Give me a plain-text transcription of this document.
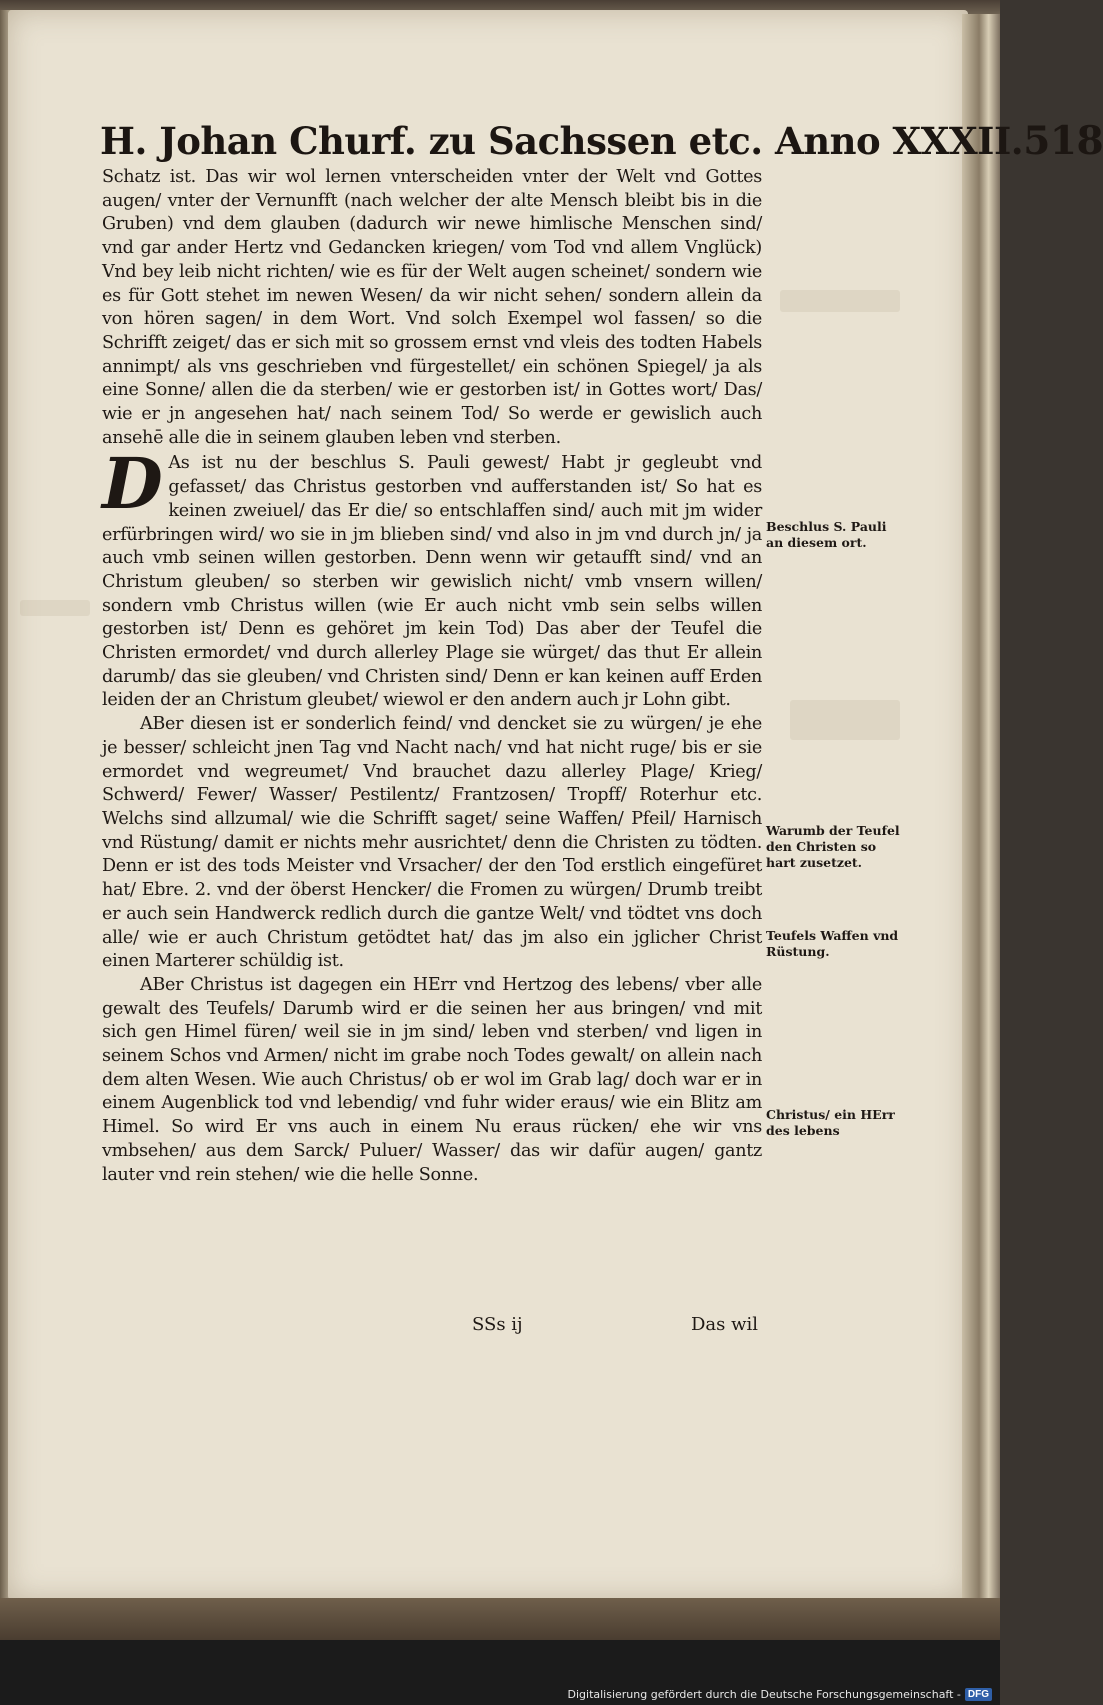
H. Johan Churf. zu Sachssen etc. Anno XXXII. 518

Schatz ist. Das wir wol lernen vnterscheiden vnter der Welt vnd Gottes augen/ vnter der Vernunfft (nach welcher der alte Mensch bleibt bis in die Gruben) vnd dem glauben (dadurch wir newe himlische Menschen sind/ vnd gar ander Hertz vnd Gedancken kriegen/ vom Tod vnd allem Vnglück) Vnd bey leib nicht richten/ wie es für der Welt augen scheinet/ sondern wie es für Gott stehet im newen Wesen/ da wir nicht sehen/ sondern allein da von hören sagen/ in dem Wort. Vnd solch Exempel wol fassen/ so die Schrifft zeiget/ das er sich mit so grossem ernst vnd vleis des todten Habels annimpt/ als vns geschrieben vnd fürgestellet/ ein schönen Spiegel/ ja als eine Sonne/ allen die da sterben/ wie er gestorben ist/ in Gottes wort/ Das/ wie er jn angesehen hat/ nach seinem Tod/ So werde er gewislich auch ansehē alle die in seinem glauben leben vnd sterben.

D As ist nu der beschlus S. Pauli gewest/ Habt jr gegleubt vnd gefasset/ das Christus gestorben vnd aufferstanden ist/ So hat es keinen zweiuel/ das Er die/ so entschlaffen sind/ auch mit jm wider erfürbringen wird/ wo sie in jm blieben sind/ vnd also in jm vnd durch jn/ ja auch vmb seinen willen gestorben. Denn wenn wir getaufft sind/ vnd an Christum gleuben/ so sterben wir gewislich nicht/ vmb vnsern willen/ sondern vmb Christus willen (wie Er auch nicht vmb sein selbs willen gestorben ist/ Denn es gehöret jm kein Tod) Das aber der Teufel die Christen ermordet/ vnd durch allerley Plage sie würget/ das thut Er allein darumb/ das sie gleuben/ vnd Christen sind/ Denn er kan keinen auff Erden leiden der an Christum gleubet/ wiewol er den andern auch jr Lohn gibt.

ABer diesen ist er sonderlich feind/ vnd dencket sie zu würgen/ je ehe je besser/ schleicht jnen Tag vnd Nacht nach/ vnd hat nicht ruge/ bis er sie ermordet vnd wegreumet/ Vnd brauchet dazu allerley Plage/ Krieg/ Schwerd/ Fewer/ Wasser/ Pestilentz/ Frantzosen/ Tropff/ Roterhur etc. Welchs sind allzumal/ wie die Schrifft saget/ seine Waffen/ Pfeil/ Harnisch vnd Rüstung/ damit er nichts mehr ausrichtet/ denn die Christen zu tödten. Denn er ist des tods Meister vnd Vrsacher/ der den Tod erstlich eingefüret hat/ Ebre. 2. vnd der öberst Hencker/ die Fromen zu würgen/ Drumb treibt er auch sein Handwerck redlich durch die gantze Welt/ vnd tödtet vns doch alle/ wie er auch Christum getödtet hat/ das jm also ein jglicher Christ einen Marterer schüldig ist.

ABer Christus ist dagegen ein HErr vnd Hertzog des lebens/ vber alle gewalt des Teufels/ Darumb wird er die seinen her aus bringen/ vnd mit sich gen Himel füren/ weil sie in jm sind/ leben vnd sterben/ vnd ligen in seinem Schos vnd Armen/ nicht im grabe noch Todes gewalt/ on allein nach dem alten Wesen. Wie auch Christus/ ob er wol im Grab lag/ doch war er in einem Augenblick tod vnd lebendig/ vnd fuhr wider eraus/ wie ein Blitz am Himel. So wird Er vns auch in einem Nu eraus rücken/ ehe wir vns vmbsehen/ aus dem Sarck/ Puluer/ Wasser/ das wir dafür augen/ gantz lauter vnd rein stehen/ wie die helle Sonne.

SSs ij	Das wil
Beschlus S. Pauli an diesem ort.
Warumb der Teufel den Christen so hart zusetzet.
Teufels Waffen vnd Rüstung.
Christus/ ein HErr des lebens
Digitalisierung gefördert durch die Deutsche Forschungsgemeinschaft - DFG
